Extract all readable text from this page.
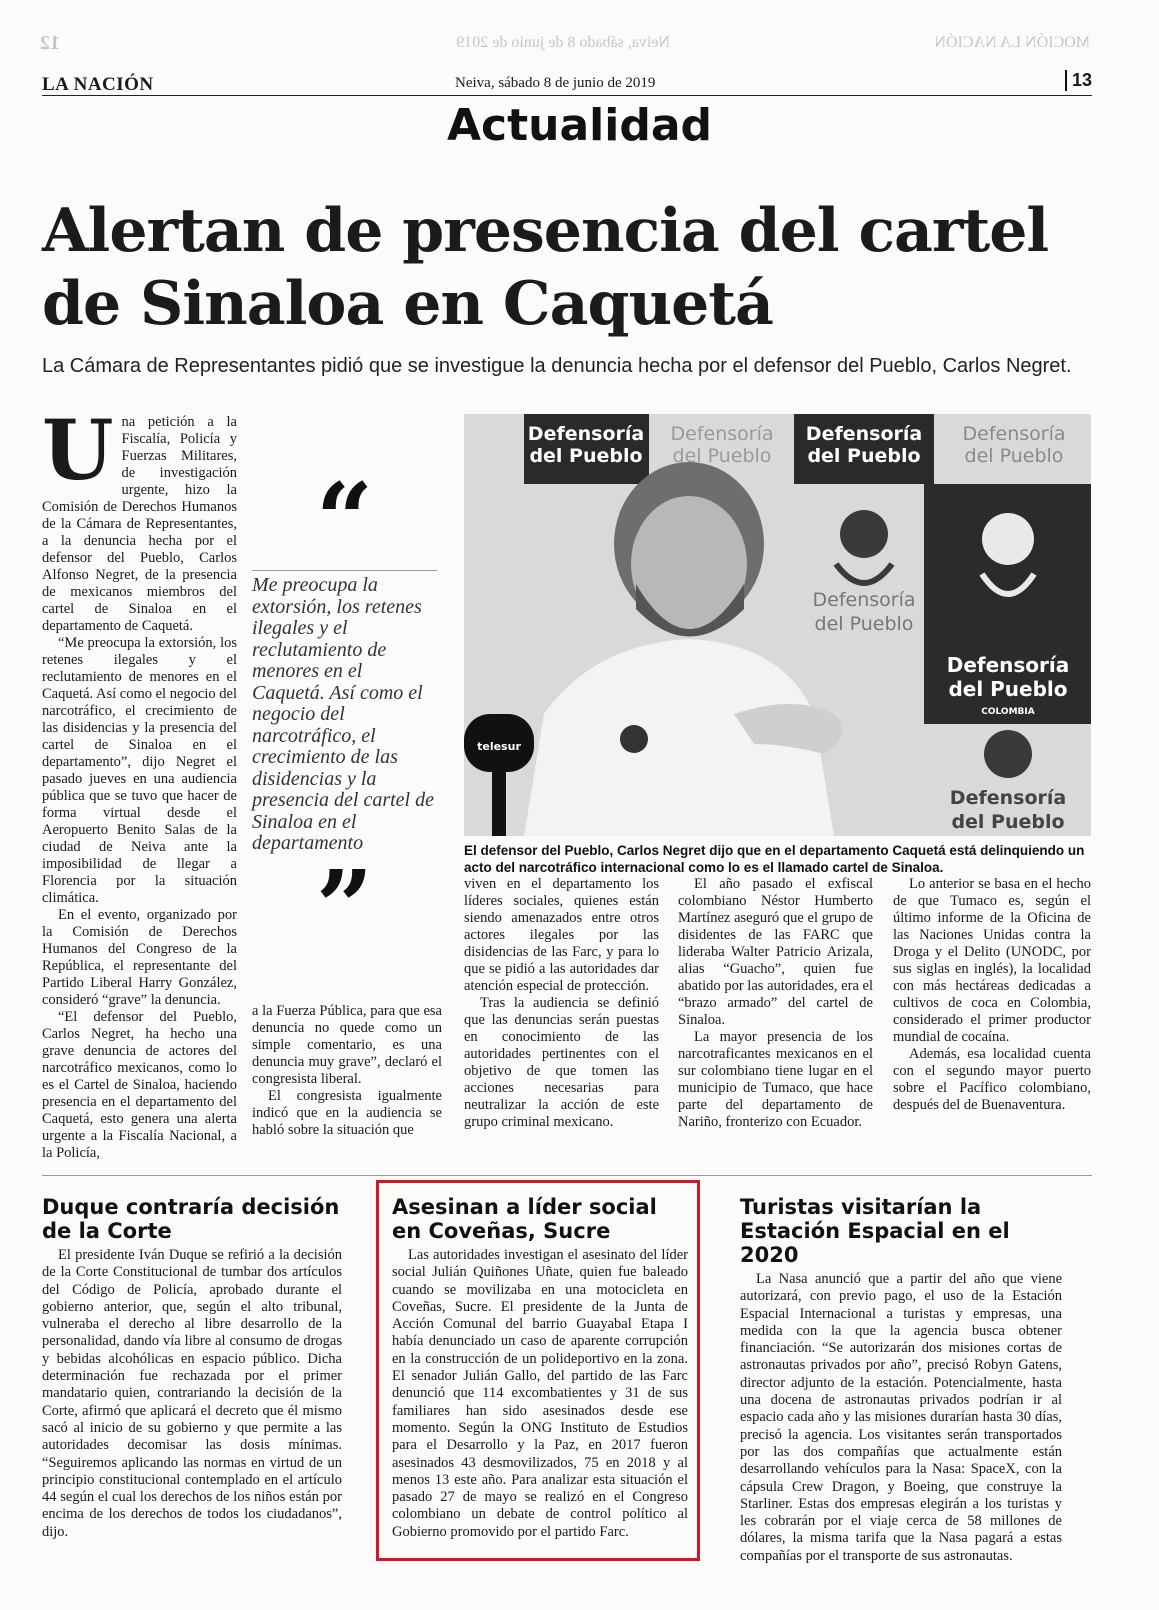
MOCIÓN LA NACIÓN
Neiva, sábado 8 de junio de 2019
12
LA NACIÓN	Neiva, sábado 8 de junio de 2019	13
Actualidad
Alertan de presencia del cartel de Sinaloa en Caquetá
La Cámara de Representantes pidió que se investigue la denuncia hecha por el defensor del Pueblo, Carlos Negret.

Una petición a la Fiscalía, Policía y Fuerzas Militares, de investigación urgente, hizo la Comisión de Derechos Humanos de la Cámara de Representantes, a la denuncia hecha por el defensor del Pueblo, Carlos Alfonso Negret, de la presencia de mexicanos miembros del cartel de Sinaloa en el departamento de Caquetá.

“Me preocupa la extorsión, los retenes ilegales y el reclutamiento de menores en el Caquetá. Así como el negocio del narcotráfico, el crecimiento de las disidencias y la presencia del cartel de Sinaloa en el departamento”, dijo Negret el pasado jueves en una audiencia pública que se tuvo que hacer de forma virtual desde el Aeropuerto Benito Salas de la ciudad de Neiva ante la imposibilidad de llegar a Florencia por la situación climática.

En el evento, organizado por la Comisión de Derechos Humanos del Congreso de la República, el representante del Partido Liberal Harry González, consideró “grave” la denuncia.

“El defensor del Pueblo, Carlos Negret, ha hecho una grave denuncia de actores del narcotráfico mexicanos, como lo es el Cartel de Sinaloa, haciendo presencia en el departamento del Caquetá, esto genera una alerta urgente a la Fiscalía Nacional, a la Policía,

“
Me preocupa la extorsión, los retenes ilegales y el reclutamiento de menores en el Caquetá. Así como el negocio del narcotráfico, el crecimiento de las disidencias y la presencia del cartel de Sinaloa en el departamento
”

a la Fuerza Pública, para que esa denuncia no quede como un simple comentario, es una denuncia muy grave”, declaró el congresista liberal.

El congresista igualmente indicó que en la audiencia se habló sobre la situación que

Defensoría
del Pueblo
Defensoría
del Pueblo
Defensoría
del Pueblo
Defensoría
del Pueblo
Defensoría
del Pueblo
COLOMBIA
Defensoría
del Pueblo
Defensoría
del Pueblo
telesur
El defensor del Pueblo, Carlos Negret dijo que en el departamento Caquetá está delinquiendo un acto del narcotráfico internacional como lo es el llamado cartel de Sinaloa.

viven en el departamento los líderes sociales, quienes están siendo amenazados entre otros actores ilegales por las disidencias de las Farc, y para lo que se pidió a las autoridades dar atención especial de protección.

Tras la audiencia se definió que las denuncias serán puestas en conocimiento de las autoridades pertinentes con el objetivo de que tomen las acciones necesarias para neutralizar la acción de este grupo criminal mexicano.

El año pasado el exfiscal colombiano Néstor Humberto Martínez aseguró que el grupo de disidentes de las FARC que lideraba Walter Patricio Arizala, alias “Guacho”, quien fue abatido por las autoridades, era el “brazo armado” del cartel de Sinaloa.

La mayor presencia de los narcotraficantes mexicanos en el sur colombiano tiene lugar en el municipio de Tumaco, que hace parte del departamento de Nariño, fronterizo con Ecuador.

Lo anterior se basa en el hecho de que Tumaco es, según el último informe de la Oficina de las Naciones Unidas contra la Droga y el Delito (UNODC, por sus siglas en inglés), la localidad con más hectáreas dedicadas a cultivos de coca en Colombia, considerado el primer productor mundial de cocaína.

Además, esa localidad cuenta con el segundo mayor puerto sobre el Pacífico colombiano, después del de Buenaventura.

Duque contraría decisión de la Corte
El presidente Iván Duque se refirió a la decisión de la Corte Constitucional de tumbar dos artículos del Código de Policía, aprobado durante el gobierno anterior, que, según el alto tribunal, vulneraba el derecho al libre desarrollo de la personalidad, dando vía libre al consumo de drogas y bebidas alcohólicas en espacio público. Dicha determinación fue rechazada por el primer mandatario quien, contrariando la decisión de la Corte, afirmó que aplicará el decreto que él mismo sacó al inicio de su gobierno y que permite a las autoridades decomisar las dosis mínimas. “Seguiremos aplicando las normas en virtud de un principio constitucional contemplado en el artículo 44 según el cual los derechos de los niños están por encima de los derechos de todos los ciudadanos”, dijo.
Asesinan a líder social en Coveñas, Sucre
Las autoridades investigan el asesinato del líder social Julián Quiñones Uñate, quien fue baleado cuando se movilizaba en una motocicleta en Coveñas, Sucre. El presidente de la Junta de Acción Comunal del barrio Guayabal Etapa I había denunciado un caso de aparente corrupción en la construcción de un polideportivo en la zona. El senador Julián Gallo, del partido de las Farc denunció que 114 excombatientes y 31 de sus familiares han sido asesinados desde ese momento. Según la ONG Instituto de Estudios para el Desarrollo y la Paz, en 2017 fueron asesinados 43 desmovilizados, 75 en 2018 y al menos 13 este año. Para analizar esta situación el pasado 27 de mayo se realizó en el Congreso colombiano un debate de control político al Gobierno promovido por el partido Farc.
Turistas visitarían la Estación Espacial en el 2020
La Nasa anunció que a partir del año que viene autorizará, con previo pago, el uso de la Estación Espacial Internacional a turistas y empresas, una medida con la que la agencia busca obtener financiación. “Se autorizarán dos misiones cortas de astronautas privados por año”, precisó Robyn Gatens, director adjunto de la estación. Potencialmente, hasta una docena de astronautas privados podrían ir al espacio cada año y las misiones durarían hasta 30 días, precisó la agencia. Los visitantes serán transportados por las dos compañías que actualmente están desarrollando vehículos para la Nasa: SpaceX, con la cápsula Crew Dragon, y Boeing, que construye la Starliner. Estas dos empresas elegirán a los turistas y les cobrarán por el viaje cerca de 58 millones de dólares, la misma tarifa que la Nasa pagará a estas compañías por el transporte de sus astronautas.
